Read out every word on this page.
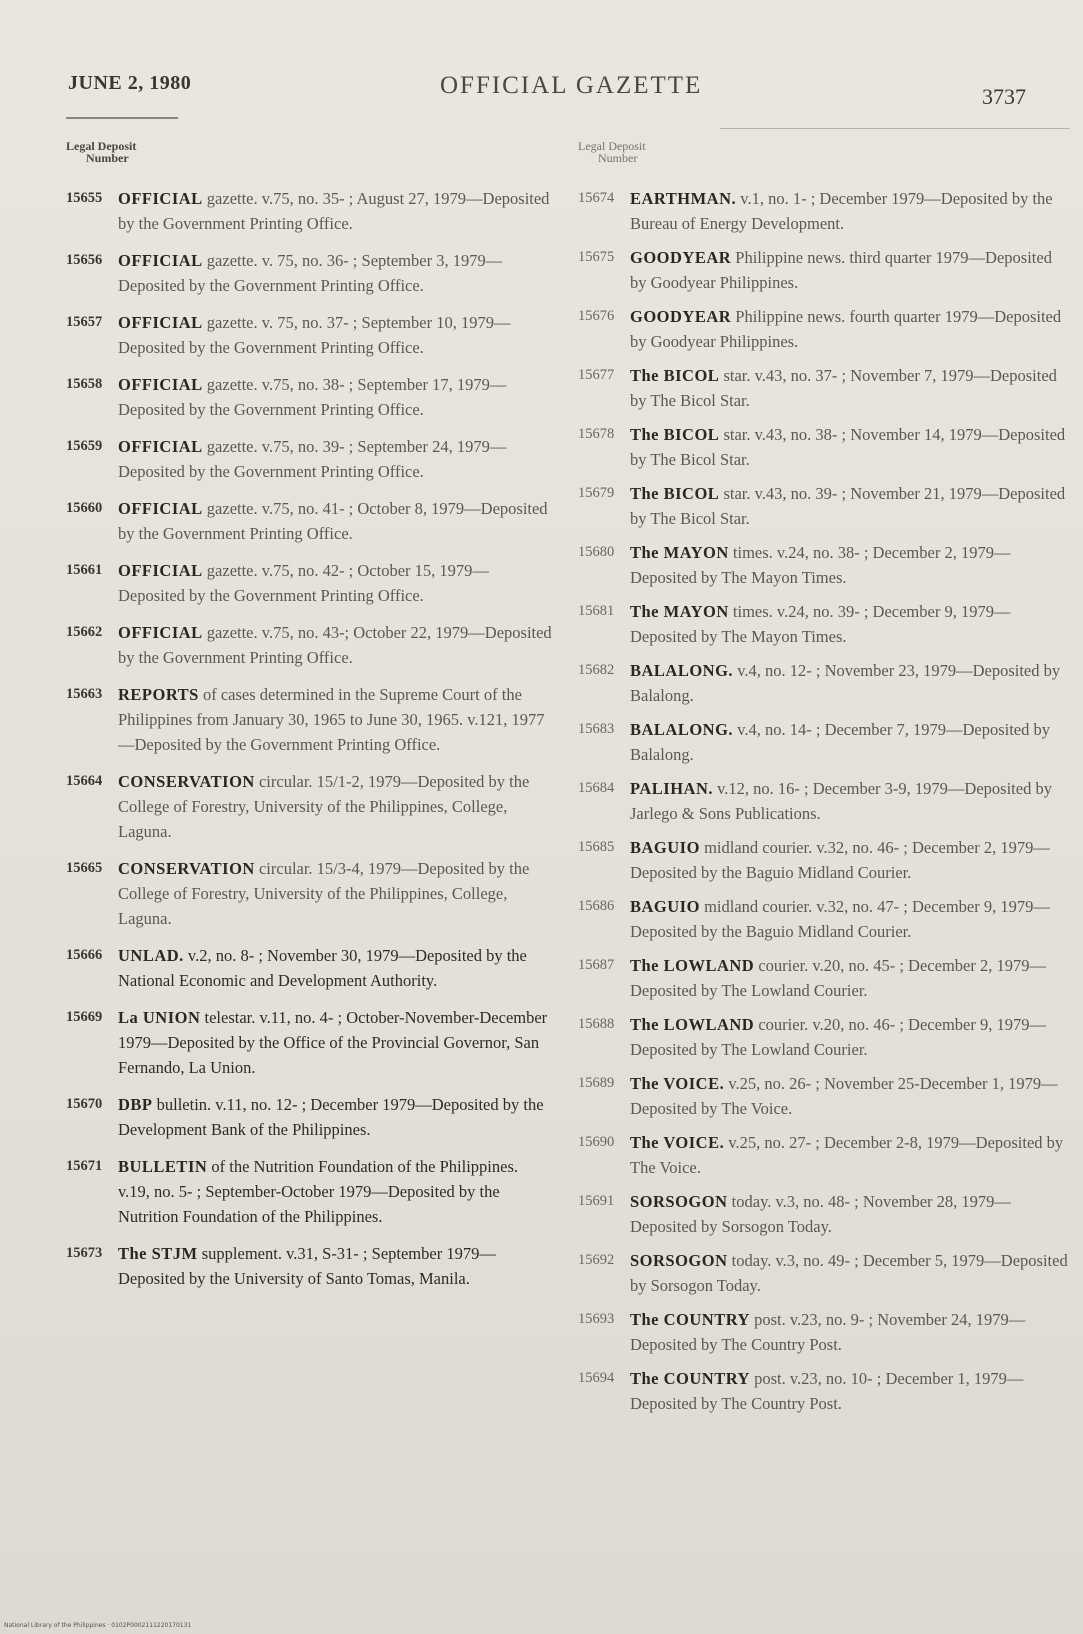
JUNE 2, 1980	OFFICIAL GAZETTE	3737
Legal Deposit
Number
15655 OFFICIAL gazette. v.75, no. 35- ; August 27, 1979—Deposited by the Government Printing Office.
15656 OFFICIAL gazette. v. 75, no. 36- ; September 3, 1979—Deposited by the Government Printing Office.
15657 OFFICIAL gazette. v. 75, no. 37- ; September 10, 1979—Deposited by the Government Printing Office.
15658 OFFICIAL gazette. v.75, no. 38- ; September 17, 1979—Deposited by the Government Printing Office.
15659 OFFICIAL gazette. v.75, no. 39- ; September 24, 1979—Deposited by the Government Printing Office.
15660 OFFICIAL gazette. v.75, no. 41- ; October 8, 1979—Deposited by the Government Printing Office.
15661 OFFICIAL gazette. v.75, no. 42- ; October 15, 1979—Deposited by the Government Printing Office.
15662 OFFICIAL gazette. v.75, no. 43-; October 22, 1979—Deposited by the Government Printing Office.
15663 REPORTS of cases determined in the Supreme Court of the Philippines from January 30, 1965 to June 30, 1965. v.121, 1977—Deposited by the Government Printing Office.
15664 CONSERVATION circular. 15/1-2, 1979—Deposited by the College of Forestry, University of the Philippines, College, Laguna.
15665 CONSERVATION circular. 15/3-4, 1979—Deposited by the College of Forestry, University of the Philippines, College, Laguna.
15666 UNLAD. v.2, no. 8- ; November 30, 1979—Deposited by the National Economic and Development Authority.
15669 La UNION telestar. v.11, no. 4- ; October-November-December 1979—Deposited by the Office of the Provincial Governor, San Fernando, La Union.
15670 DBP bulletin. v.11, no. 12- ; December 1979—Deposited by the Development Bank of the Philippines.
15671 BULLETIN of the Nutrition Foundation of the Philippines. v.19, no. 5- ; September-October 1979—Deposited by the Nutrition Foundation of the Philippines.
15673 The STJM supplement. v.31, S-31- ; September 1979—Deposited by the University of Santo Tomas, Manila.
Legal Deposit
Number
15674 EARTHMAN. v.1, no. 1- ; December 1979—Deposited by the Bureau of Energy Development.
15675 GOODYEAR Philippine news. third quarter 1979—Deposited by Goodyear Philippines.
15676 GOODYEAR Philippine news. fourth quarter 1979—Deposited by Goodyear Philippines.
15677 The BICOL star. v.43, no. 37- ; November 7, 1979—Deposited by The Bicol Star.
15678 The BICOL star. v.43, no. 38- ; November 14, 1979—Deposited by The Bicol Star.
15679 The BICOL star. v.43, no. 39- ; November 21, 1979—Deposited by The Bicol Star.
15680 The MAYON times. v.24, no. 38- ; December 2, 1979—Deposited by The Mayon Times.
15681 The MAYON times. v.24, no. 39- ; December 9, 1979—Deposited by The Mayon Times.
15682 BALALONG. v.4, no. 12- ; November 23, 1979—Deposited by Balalong.
15683 BALALONG. v.4, no. 14- ; December 7, 1979—Deposited by Balalong.
15684 PALIHAN. v.12, no. 16- ; December 3-9, 1979—Deposited by Jarlego & Sons Publications.
15685 BAGUIO midland courier. v.32, no. 46- ; December 2, 1979—Deposited by the Baguio Midland Courier.
15686 BAGUIO midland courier. v.32, no. 47- ; December 9, 1979—Deposited by the Baguio Midland Courier.
15687 The LOWLAND courier. v.20, no. 45- ; December 2, 1979—Deposited by The Lowland Courier.
15688 The LOWLAND courier. v.20, no. 46- ; December 9, 1979—Deposited by The Lowland Courier.
15689 The VOICE. v.25, no. 26- ; November 25-December 1, 1979—Deposited by The Voice.
15690 The VOICE. v.25, no. 27- ; December 2-8, 1979—Deposited by The Voice.
15691 SORSOGON today. v.3, no. 48- ; November 28, 1979—Deposited by Sorsogon Today.
15692 SORSOGON today. v.3, no. 49- ; December 5, 1979—Deposited by Sorsogon Today.
15693 The COUNTRY post. v.23, no. 9- ; November 24, 1979—Deposited by The Country Post.
15694 The COUNTRY post. v.23, no. 10- ; December 1, 1979—Deposited by The Country Post.
National Library of the Philippines · 0102P0002111220170131
